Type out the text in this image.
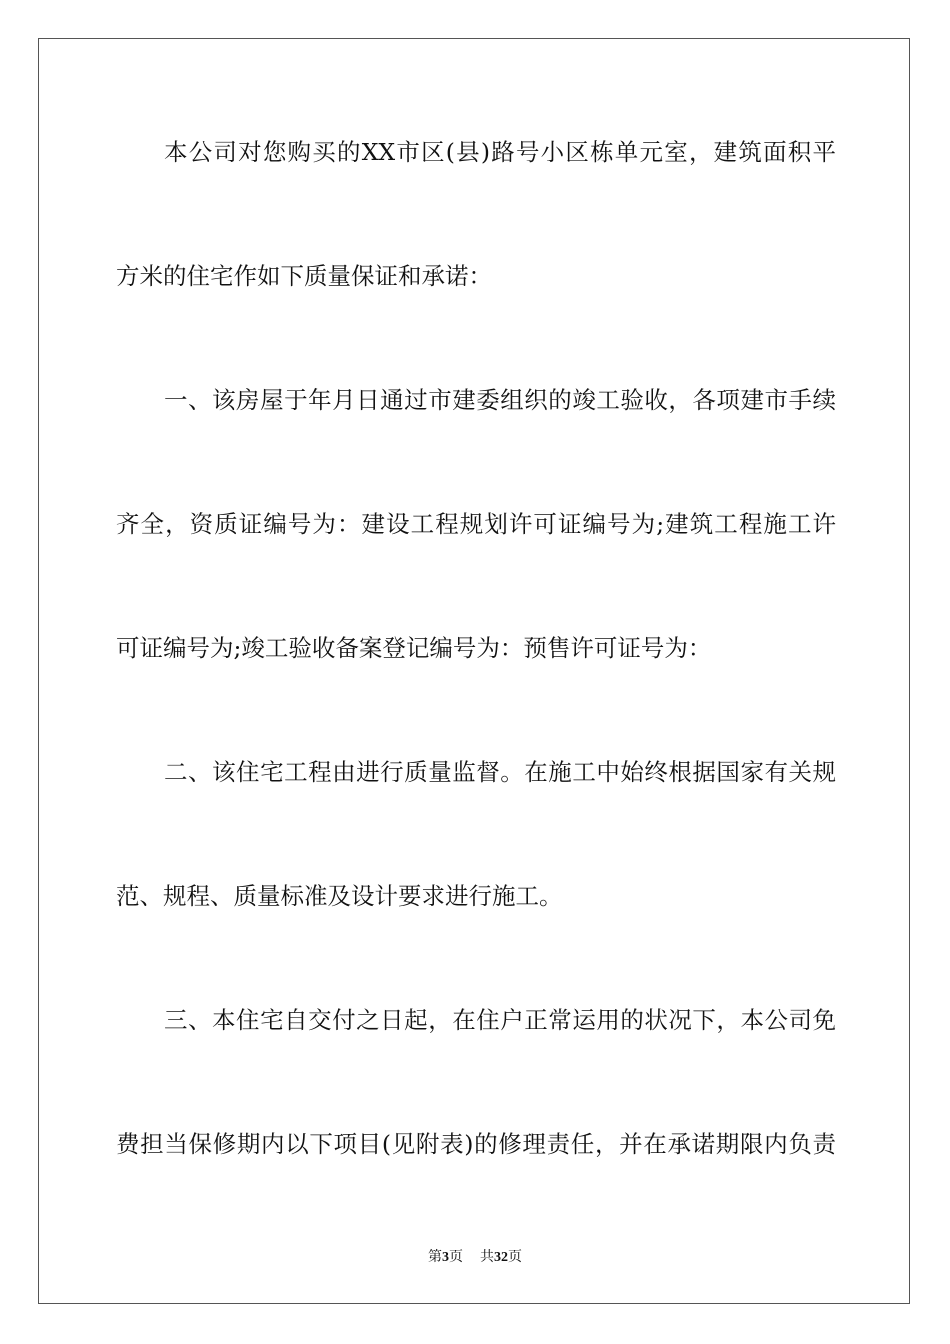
本公司对您购买的XX市区(县)路号小区栋单元室，建筑面积平
方米的住宅作如下质量保证和承诺：
一、该房屋于年月日通过市建委组织的竣工验收，各项建市手续
齐全，资质证编号为：建设工程规划许可证编号为;建筑工程施工许
可证编号为;竣工验收备案登记编号为：预售许可证号为：
二、该住宅工程由进行质量监督。在施工中始终根据国家有关规
范、规程、质量标准及设计要求进行施工。
三、本住宅自交付之日起，在住户正常运用的状况下，本公司免
费担当保修期内以下项目(见附表)的修理责任，并在承诺期限内负责
第3页 共32页
